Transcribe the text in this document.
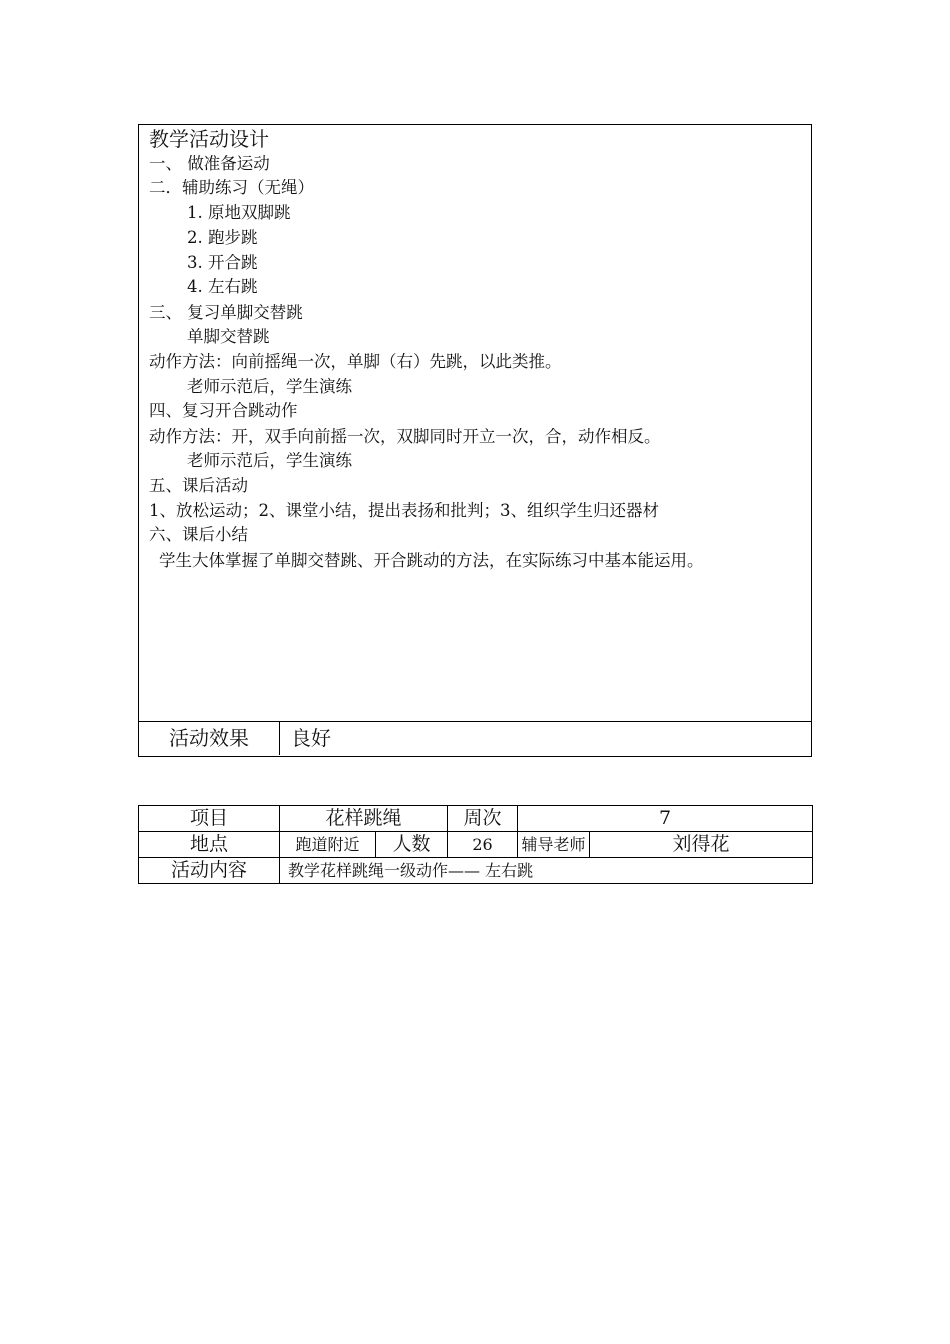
教学活动设计
一、 做准备运动
二．辅助练习（无绳）
1. 原地双脚跳
2. 跑步跳
3. 开合跳
4. 左右跳
三、 复习单脚交替跳
单脚交替跳
动作方法：向前摇绳一次，单脚（右）先跳，以此类推。
老师示范后，学生演练
四、复习开合跳动作
动作方法：开，双手向前摇一次，双脚同时开立一次，合，动作相反。
老师示范后，学生演练
五、课后活动
1、放松运动；2、课堂小结，提出表扬和批判；3、组织学生归还器材
六、课后小结
学生大体掌握了单脚交替跳、开合跳动的方法，在实际练习中基本能运用。
活动效果	良好
项目	花样跳绳		周次	7	
地点	跑道附近	人数	26	辅导老师	刘得花
活动内容	教学花样跳绳一级动作—— 左右跳				
